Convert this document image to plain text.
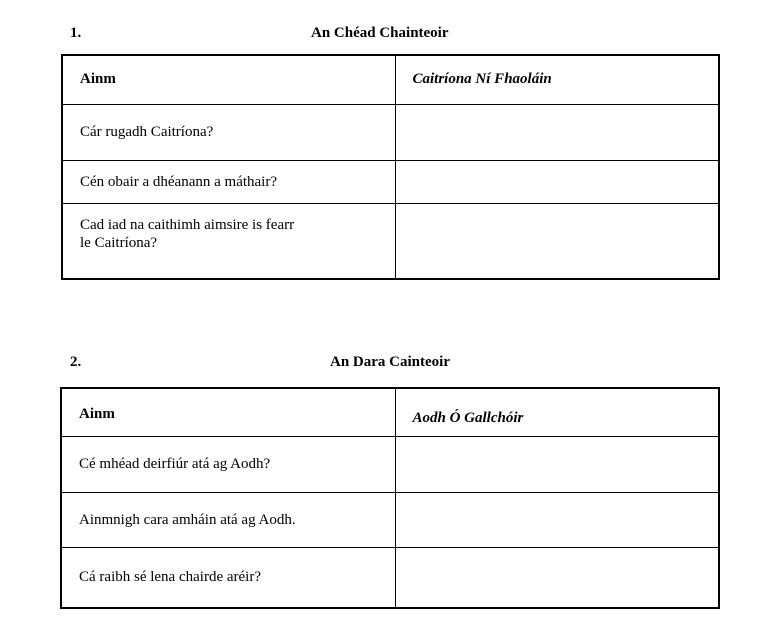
1.	An Chéad Chainteoir
Ainm	Caitríona Ní Fhaoláin
Cár rugadh Caitríona?	
Cén obair a dhéanann a máthair?	
Cad iad na caithimh aimsire is fearr
le Caitríona?	
2.	An Dara Cainteoir
Ainm	Aodh Ó Gallchóir
Cé mhéad deirfiúr atá ag Aodh?	
Ainmnigh cara amháin atá ag Aodh.	
Cá raibh sé lena chairde aréir?	
